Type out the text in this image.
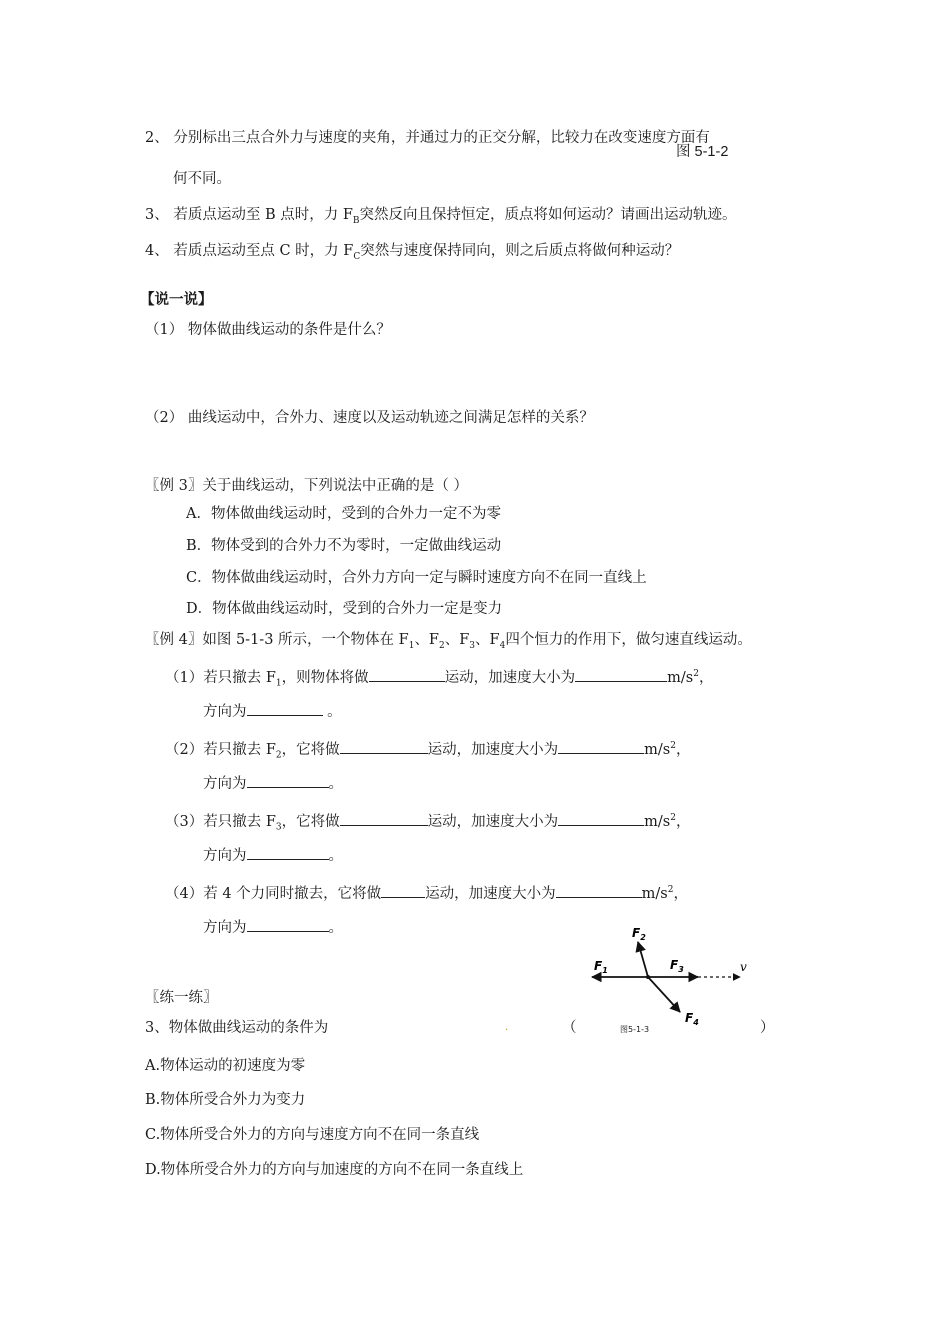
2、 分别标出三点合外力与速度的夹角，并通过力的正交分解，比较力在改变速度方面有
图 5-1-2
何不同。
3、 若质点运动至 B 点时，力 $F_B$突然反向且保持恒定，质点将如何运动？请画出运动轨迹。
4、 若质点运动至点 C 时，力 $F_C$突然与速度保持同向，则之后质点将做何种运动？
【说一说】
（1） 物体做曲线运动的条件是什么？
（2） 曲线运动中，合外力、速度以及运动轨迹之间满足怎样的关系？
〖例 3〗关于曲线运动，下列说法中正确的是（ ）
A．物体做曲线运动时，受到的合外力一定不为零
B．物体受到的合外力不为零时，一定做曲线运动
C．物体做曲线运动时，合外力方向一定与瞬时速度方向不在同一直线上
D．物体做曲线运动时，受到的合外力一定是变力
〖例 4〗如图 5-1-3 所示，一个物体在 $F_1$、$F_2$、$F_3$、$F_4$四个恒力的作用下，做匀速直线运动。
（1）若只撤去 $F_1$，则物体将做	运动，加速度大小为	$m/s^2$，
方向为	。
（2）若只撤去 $F_2$，它将做	运动，加速度大小为	$m/s^2$，
方向为	。
（3）若只撤去 $F_3$，它将做	运动，加速度大小为	$m/s^2$，
方向为	。
（4）若 4 个力同时撤去，它将做	运动，加速度大小为	$m/s^2$，
方向为	。
$F_1$
$F_2$
$F_3$
$F_4$
v
〖练一练〗
3、物体做曲线运动的条件为	.	（	图5-1-3	）
A.物体运动的初速度为零
B.物体所受合外力为变力
C.物体所受合外力的方向与速度方向不在同一条直线
D.物体所受合外力的方向与加速度的方向不在同一条直线上
